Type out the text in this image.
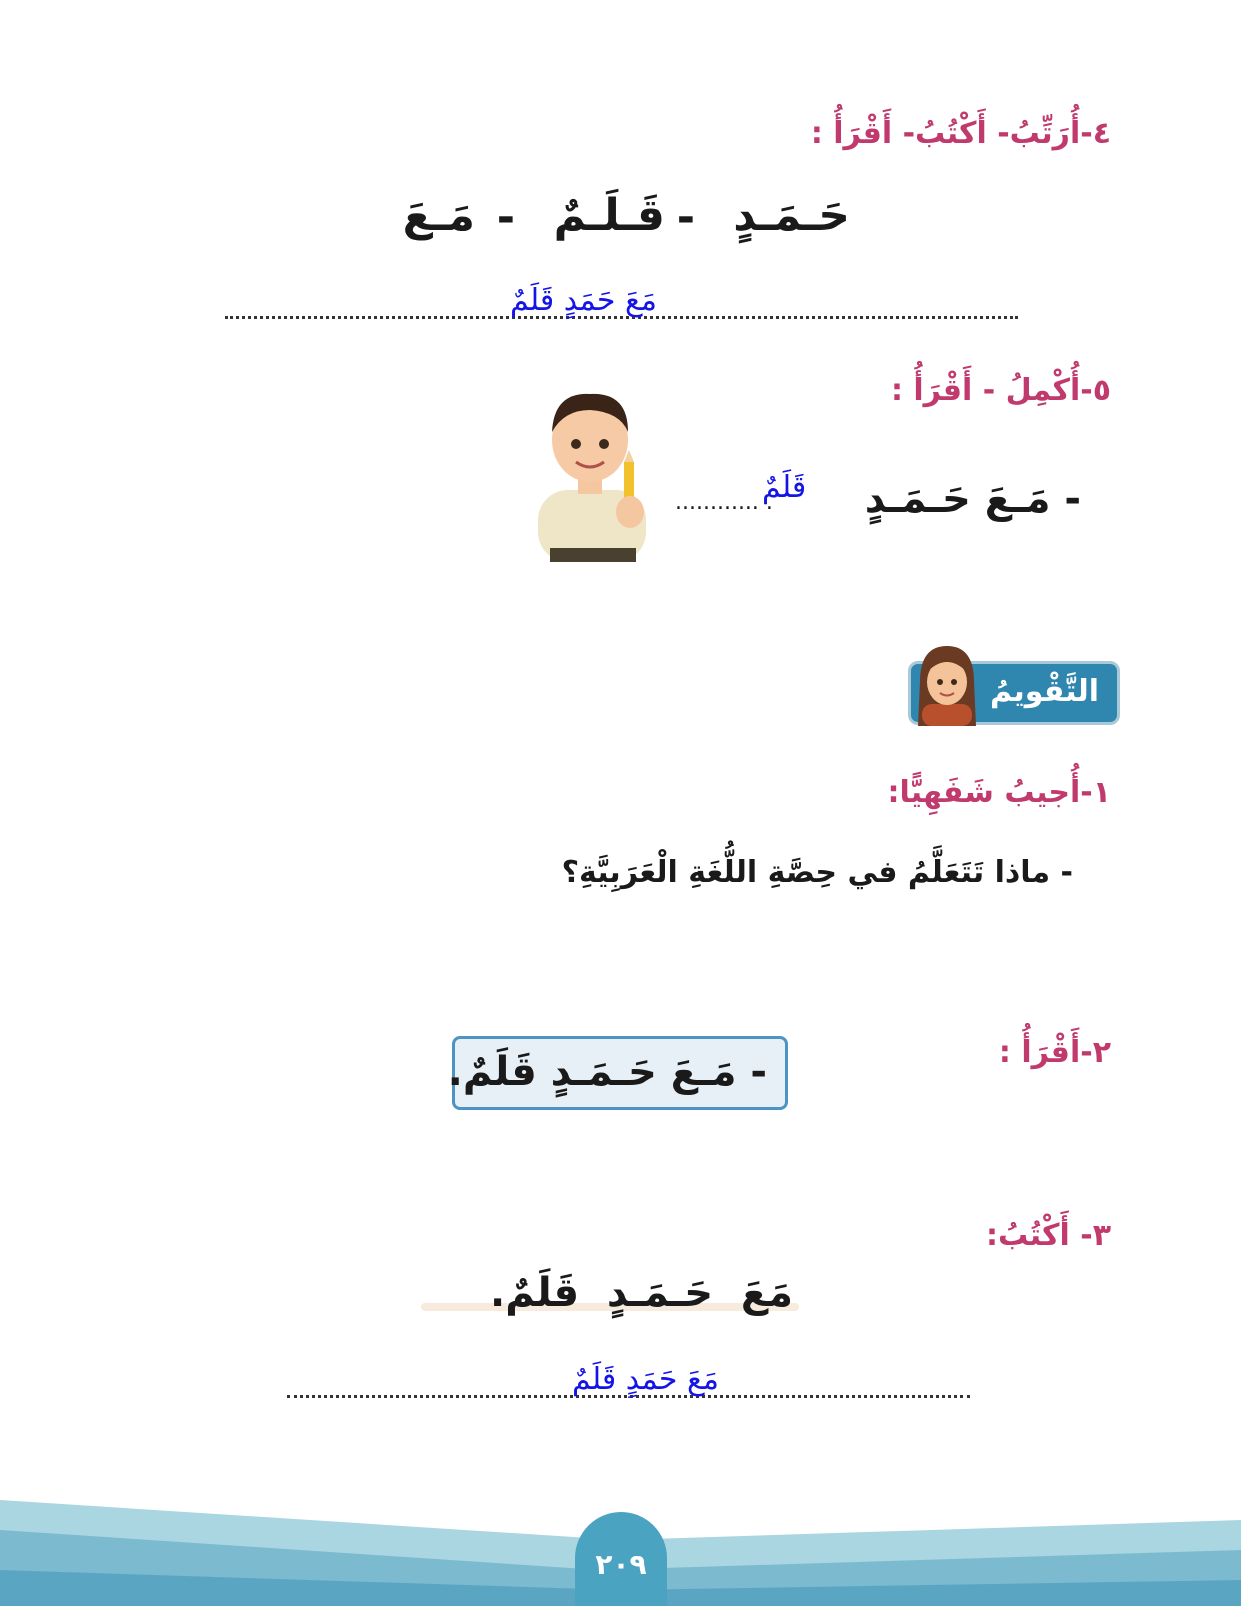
٤-أُرَتِّبُ- أَكْتُبُ- أَقْرَأُ :
حَـمَـدٍ
-
قَـلَـمٌ
-
مَـعَ
مَعَ حَمَدٍ قَلَمٌ
٥-أُكْمِلُ - أَقْرَأُ :
- مَـعَ حَـمَـدٍ
............ .
قَلَمٌ
التَّقْويمُ
١-أُجيبُ شَفَهِيًّا:
- ماذا تَتَعَلَّمُ في حِصَّةِ اللُّغَةِ الْعَرَبِيَّةِ؟
٢-أَقْرَأُ :
- مَـعَ حَـمَـدٍ قَلَمٌ.
٣- أَكْتُبُ:
مَعَ  حَـمَـدٍ  قَلَمٌ.
مَعَ حَمَدٍ قَلَمٌ
٢٠٩
